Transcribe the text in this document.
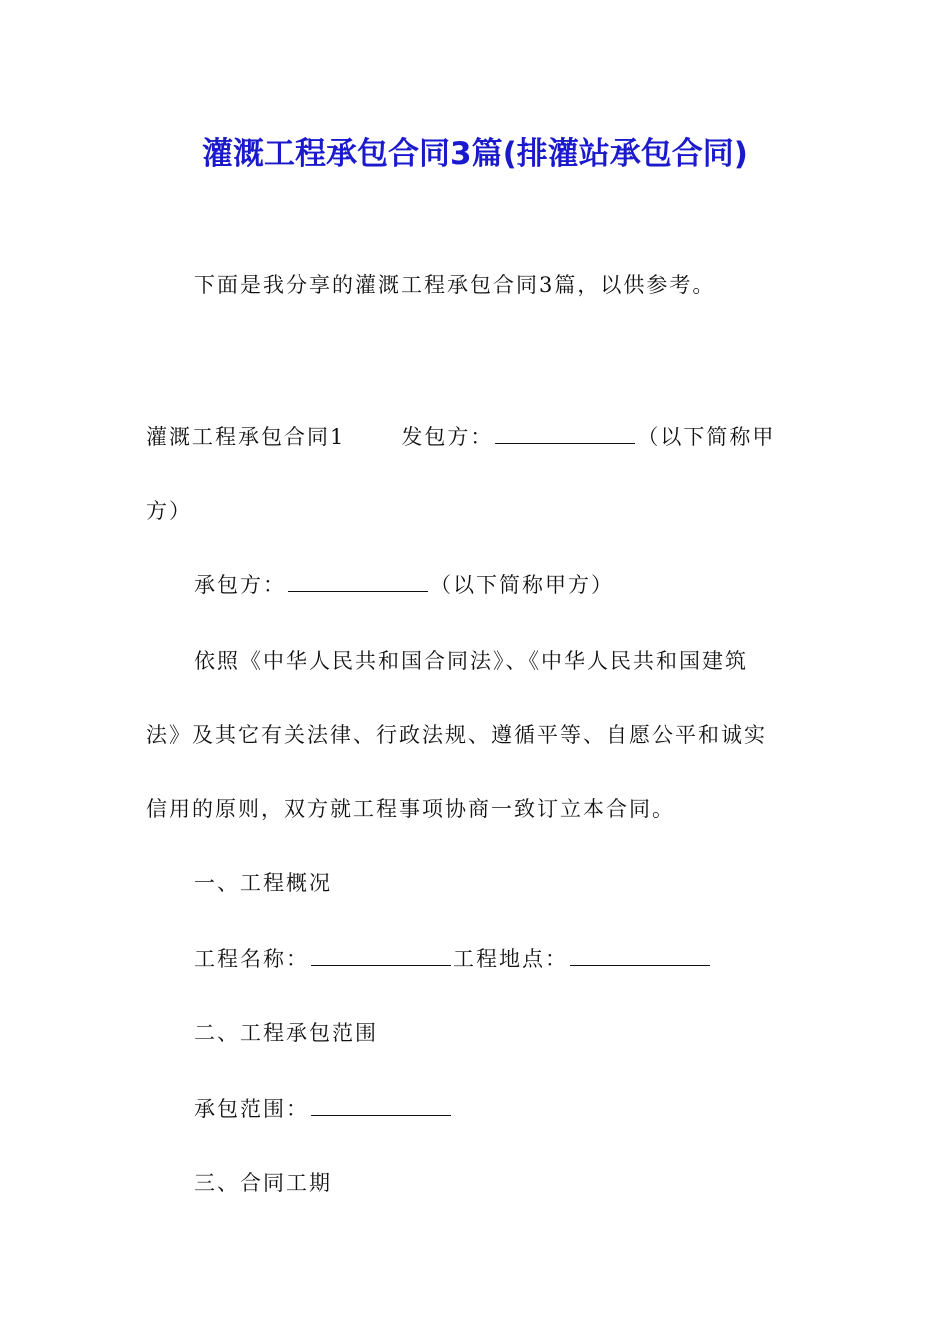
灌溉工程承包合同3篇(排灌站承包合同)
下面是我分享的灌溉工程承包合同3篇，以供参考。
灌溉工程承包合同1	发包方：	（以下简称甲
方）
承包方：	（以下简称甲方）
依照《中华人民共和国合同法》、《中华人民共和国建筑
法》及其它有关法律、行政法规、遵循平等、自愿公平和诚实
信用的原则，双方就工程事项协商一致订立本合同。
一、工程概况
工程名称：	工程地点：
二、工程承包范围
承包范围：
三、合同工期
